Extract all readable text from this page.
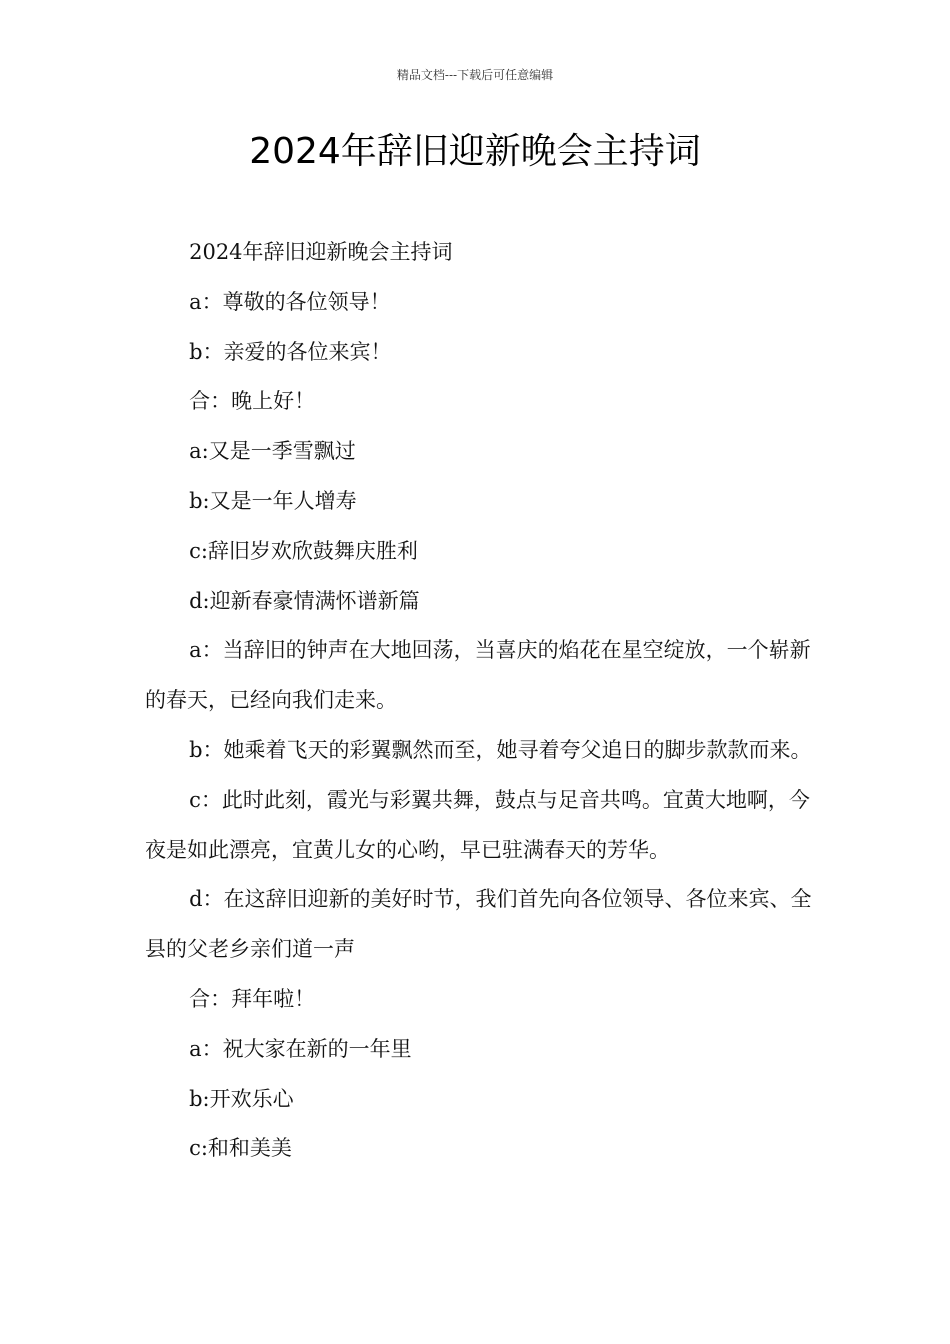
精品文档---下载后可任意编辑
2024年辞旧迎新晚会主持词

2024年辞旧迎新晚会主持词

a：尊敬的各位领导！

b：亲爱的各位来宾！

合：晚上好！

a:又是一季雪飘过

b:又是一年人增寿

c:辞旧岁欢欣鼓舞庆胜利

d:迎新春豪情满怀谱新篇

a：当辞旧的钟声在大地回荡，当喜庆的焰花在星空绽放，一个崭新的春天，已经向我们走来。

b：她乘着飞天的彩翼飘然而至，她寻着夸父追日的脚步款款而来。

c：此时此刻，霞光与彩翼共舞，鼓点与足音共鸣。宜黄大地啊，今夜是如此漂亮，宜黄儿女的心哟，早已驻满春天的芳华。

d：在这辞旧迎新的美好时节，我们首先向各位领导、各位来宾、全县的父老乡亲们道一声

合：拜年啦！

a：祝大家在新的一年里

b:开欢乐心

c:和和美美
